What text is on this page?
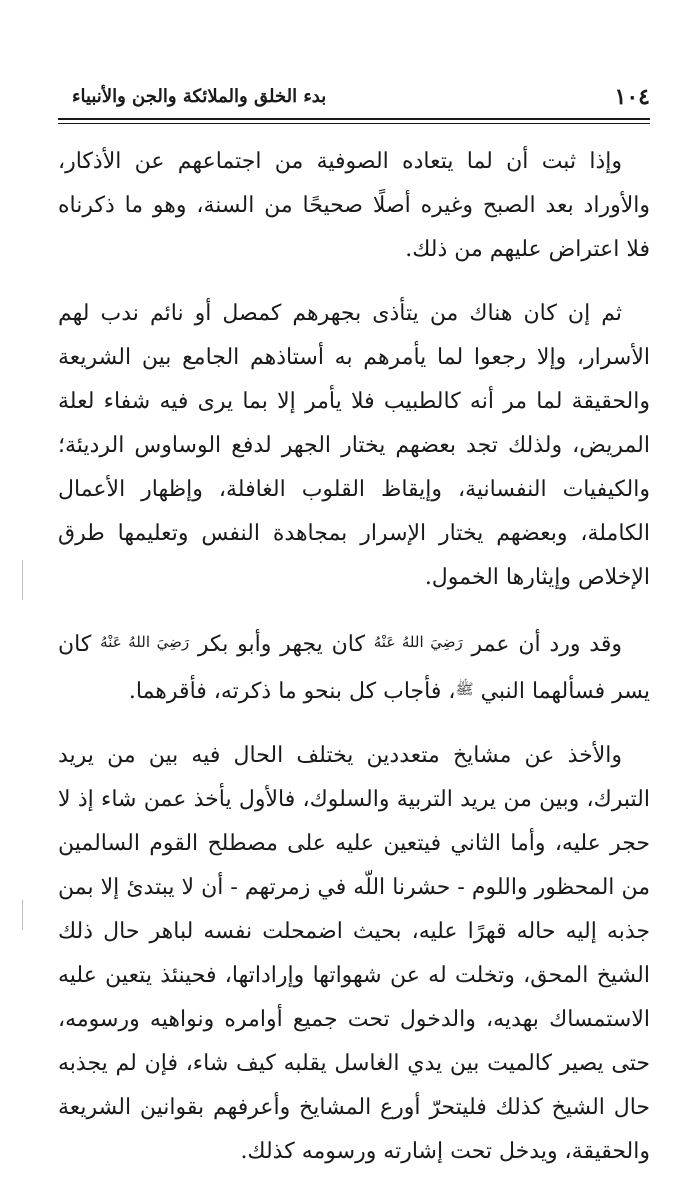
١٠٤
بدء الخلق والملائكة والجن والأنبياء

وإذا ثبت أن لما يتعاده الصوفية من اجتماعهم عن الأذكار، والأوراد بعد الصبح وغيره أصلًا صحيحًا من السنة، وهو ما ذكرناه فلا اعتراض عليهم من ذلك.

ثم إن كان هناك من يتأذى بجهرهم كمصل أو نائم ندب لهم الأسرار، وإلا رجعوا لما يأمرهم به أستاذهم الجامع بين الشريعة والحقيقة لما مر أنه كالطبيب فلا يأمر إلا بما يرى فيه شفاء لعلة المريض، ولذلك تجد بعضهم يختار الجهر لدفع الوساوس الرديئة؛ والكيفيات النفسانية، وإيقاظ القلوب الغافلة، وإظهار الأعمال الكاملة، وبعضهم يختار الإسرار بمجاهدة النفس وتعليمها طرق الإخلاص وإيثارها الخمول.

وقد ورد أن عمر رَضِيَ اللهُ عَنْهُ كان يجهر وأبو بكر رَضِيَ اللهُ عَنْهُ كان يسر فسألهما النبي ﷺ، فأجاب كل بنحو ما ذكرته، فأقرهما.

والأخذ عن مشايخ متعددين يختلف الحال فيه بين من يريد التبرك، وبين من يريد التربية والسلوك، فالأول يأخذ عمن شاء إذ لا حجر عليه، وأما الثاني فيتعين عليه على مصطلح القوم السالمين من المحظور واللوم - حشرنا اللّه في زمرتهم - أن لا يبتدئ إلا بمن جذبه إليه حاله قهرًا عليه، بحيث اضمحلت نفسه لباهر حال ذلك الشيخ المحق، وتخلت له عن شهواتها وإراداتها، فحينئذ يتعين عليه الاستمساك بهديه، والدخول تحت جميع أوامره ونواهيه ورسومه، حتى يصير كالميت بين يدي الغاسل يقلبه كيف شاء، فإن لم يجذبه حال الشيخ كذلك فليتحرّ أورع المشايخ وأعرفهم بقوانين الشريعة والحقيقة، ويدخل تحت إشارته ورسومه كذلك.
